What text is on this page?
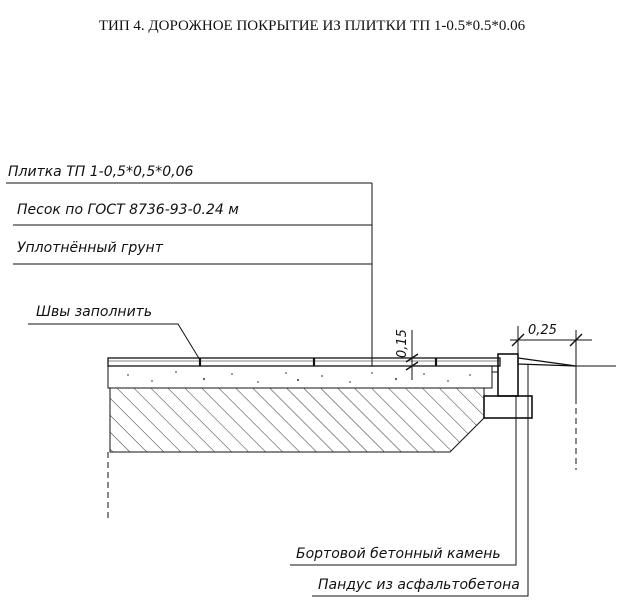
ТИП 4. ДОРОЖНОЕ ПОКРЫТИЕ ИЗ ПЛИТКИ ТП 1-0.5*0.5*0.06
Плитка ТП 1-0,5*0,5*0,06
Песок по ГОСТ 8736-93-0.24 м
Уплотнённый грунт
Швы заполнить
0,15	0,25
Бортовой бетонный камень
Пандус из асфальтобетона
